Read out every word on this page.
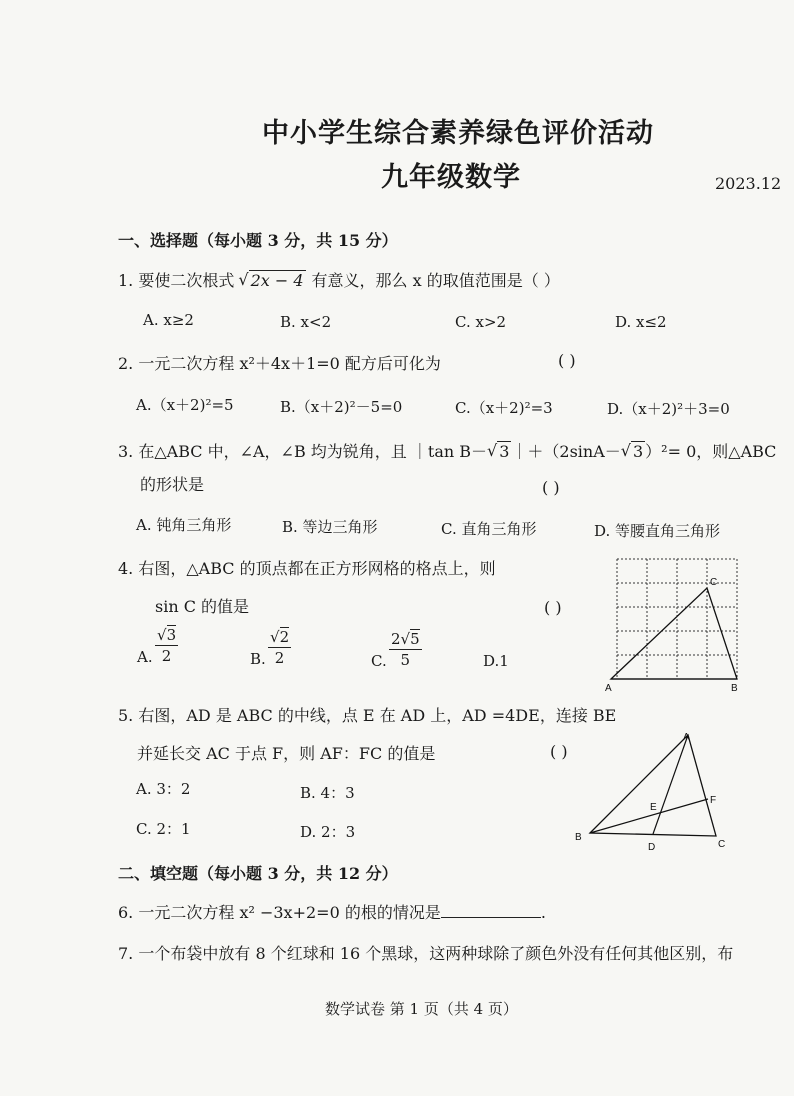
中小学生综合素养绿色评价活动
九年级数学	2023.12
一、选择题（每小题 3 分，共 15 分）
1. 要使二次根式 √ 2x − 4 有意义，那么 x 的取值范围是（ ）
A. x≥2	B. x<2	C. x>2	D. x≤2
2. 一元二次方程 x²＋4x＋1=0 配方后可化为	( )
A.（x＋2)²=5	B.（x＋2)²－5=0	C.（x＋2)²=3	D.（x＋2)²＋3=0
3. 在△ABC 中，∠A，∠B 均为锐角，且 ｜tan B－ √ 3 ｜＋（2sinA－ √ 3 ）²= 0，则△ABC
的形状是	( )
A. 钝角三角形	B. 等边三角形	C. 直角三角形	D. 等腰直角三角形
4. 右图，△ABC 的顶点都在正方形网格的格点上，则
sin C 的值是	( )
A. $\frac{√3}{2}$	B. $\frac{√2}{2}$	C. $\frac{2√5}{5}$	D.1
A	B
C
5. 右图，AD 是 ABC 的中线，点 E 在 AD 上，AD =4DE，连接 BE
并延长交 AC 于点 F，则 AF：FC 的值是	( )
A. 3：2	B. 4：3
C. 2：1	D. 2：3
A
B
C
D
E
F
二、填空题（每小题 3 分，共 12 分）
6. 一元二次方程 x² −3x+2=0 的根的情况是	.
7. 一个布袋中放有 8 个红球和 16 个黑球，这两种球除了颜色外没有任何其他区别，布
数学试卷 第 1 页（共 4 页）
